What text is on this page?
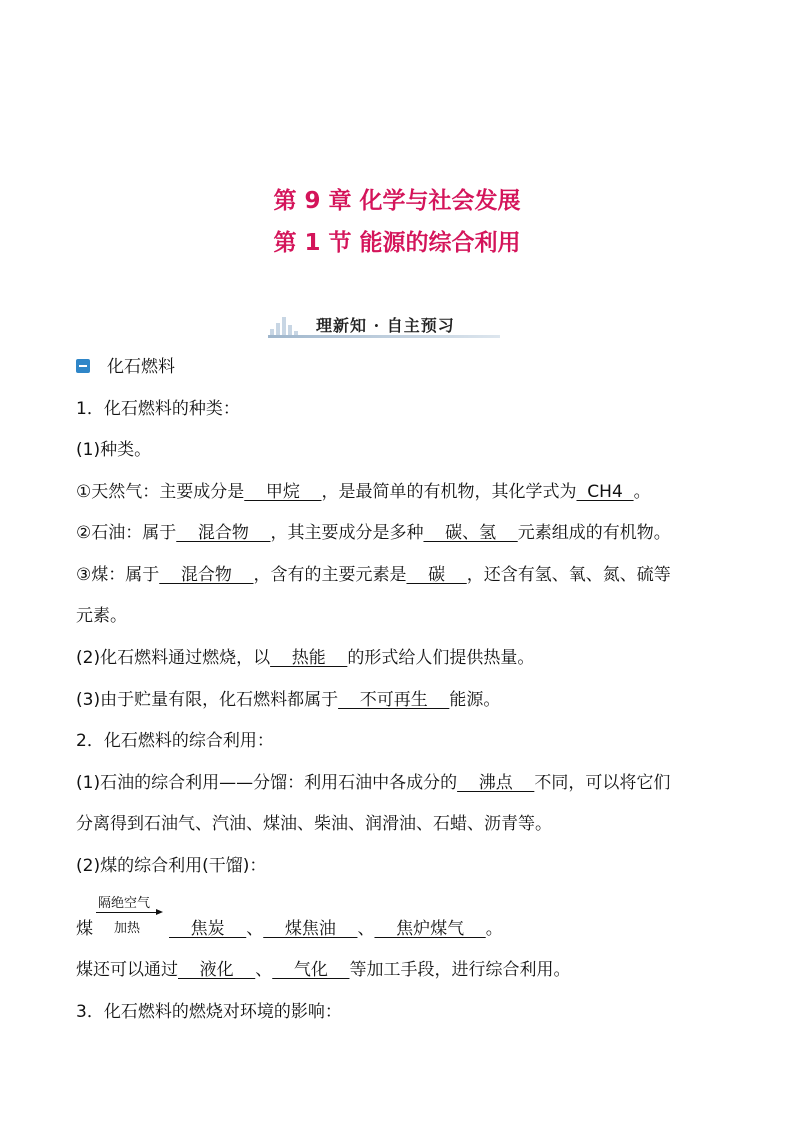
第 9 章 化学与社会发展
第 1 节 能源的综合利用
理新知 · 自主预习
化石燃料
1．化石燃料的种类：
(1)种类。
①天然气：主要成分是    甲烷    ，是最简单的有机物，其化学式为  CH4  。
②石油：属于    混合物    ，其主要成分是多种    碳、氢    元素组成的有机物。
③煤：属于    混合物    ，含有的主要元素是    碳    ，还含有氢、氧、氮、硫等
元素。
(2)化石燃料通过燃烧，以    热能    的形式给人们提供热量。
(3)由于贮量有限，化石燃料都属于    不可再生    能源。
2．化石燃料的综合利用：
(1)石油的综合利用——分馏：利用石油中各成分的    沸点    不同，可以将它们
分离得到石油气、汽油、煤油、柴油、润滑油、石蜡、沥青等。
(2)煤的综合利用(干馏)：
隔绝空气
加热
煤	焦炭    、    煤焦油    、    焦炉煤气    。
煤还可以通过    液化    、    气化    等加工手段，进行综合利用。
3．化石燃料的燃烧对环境的影响：
